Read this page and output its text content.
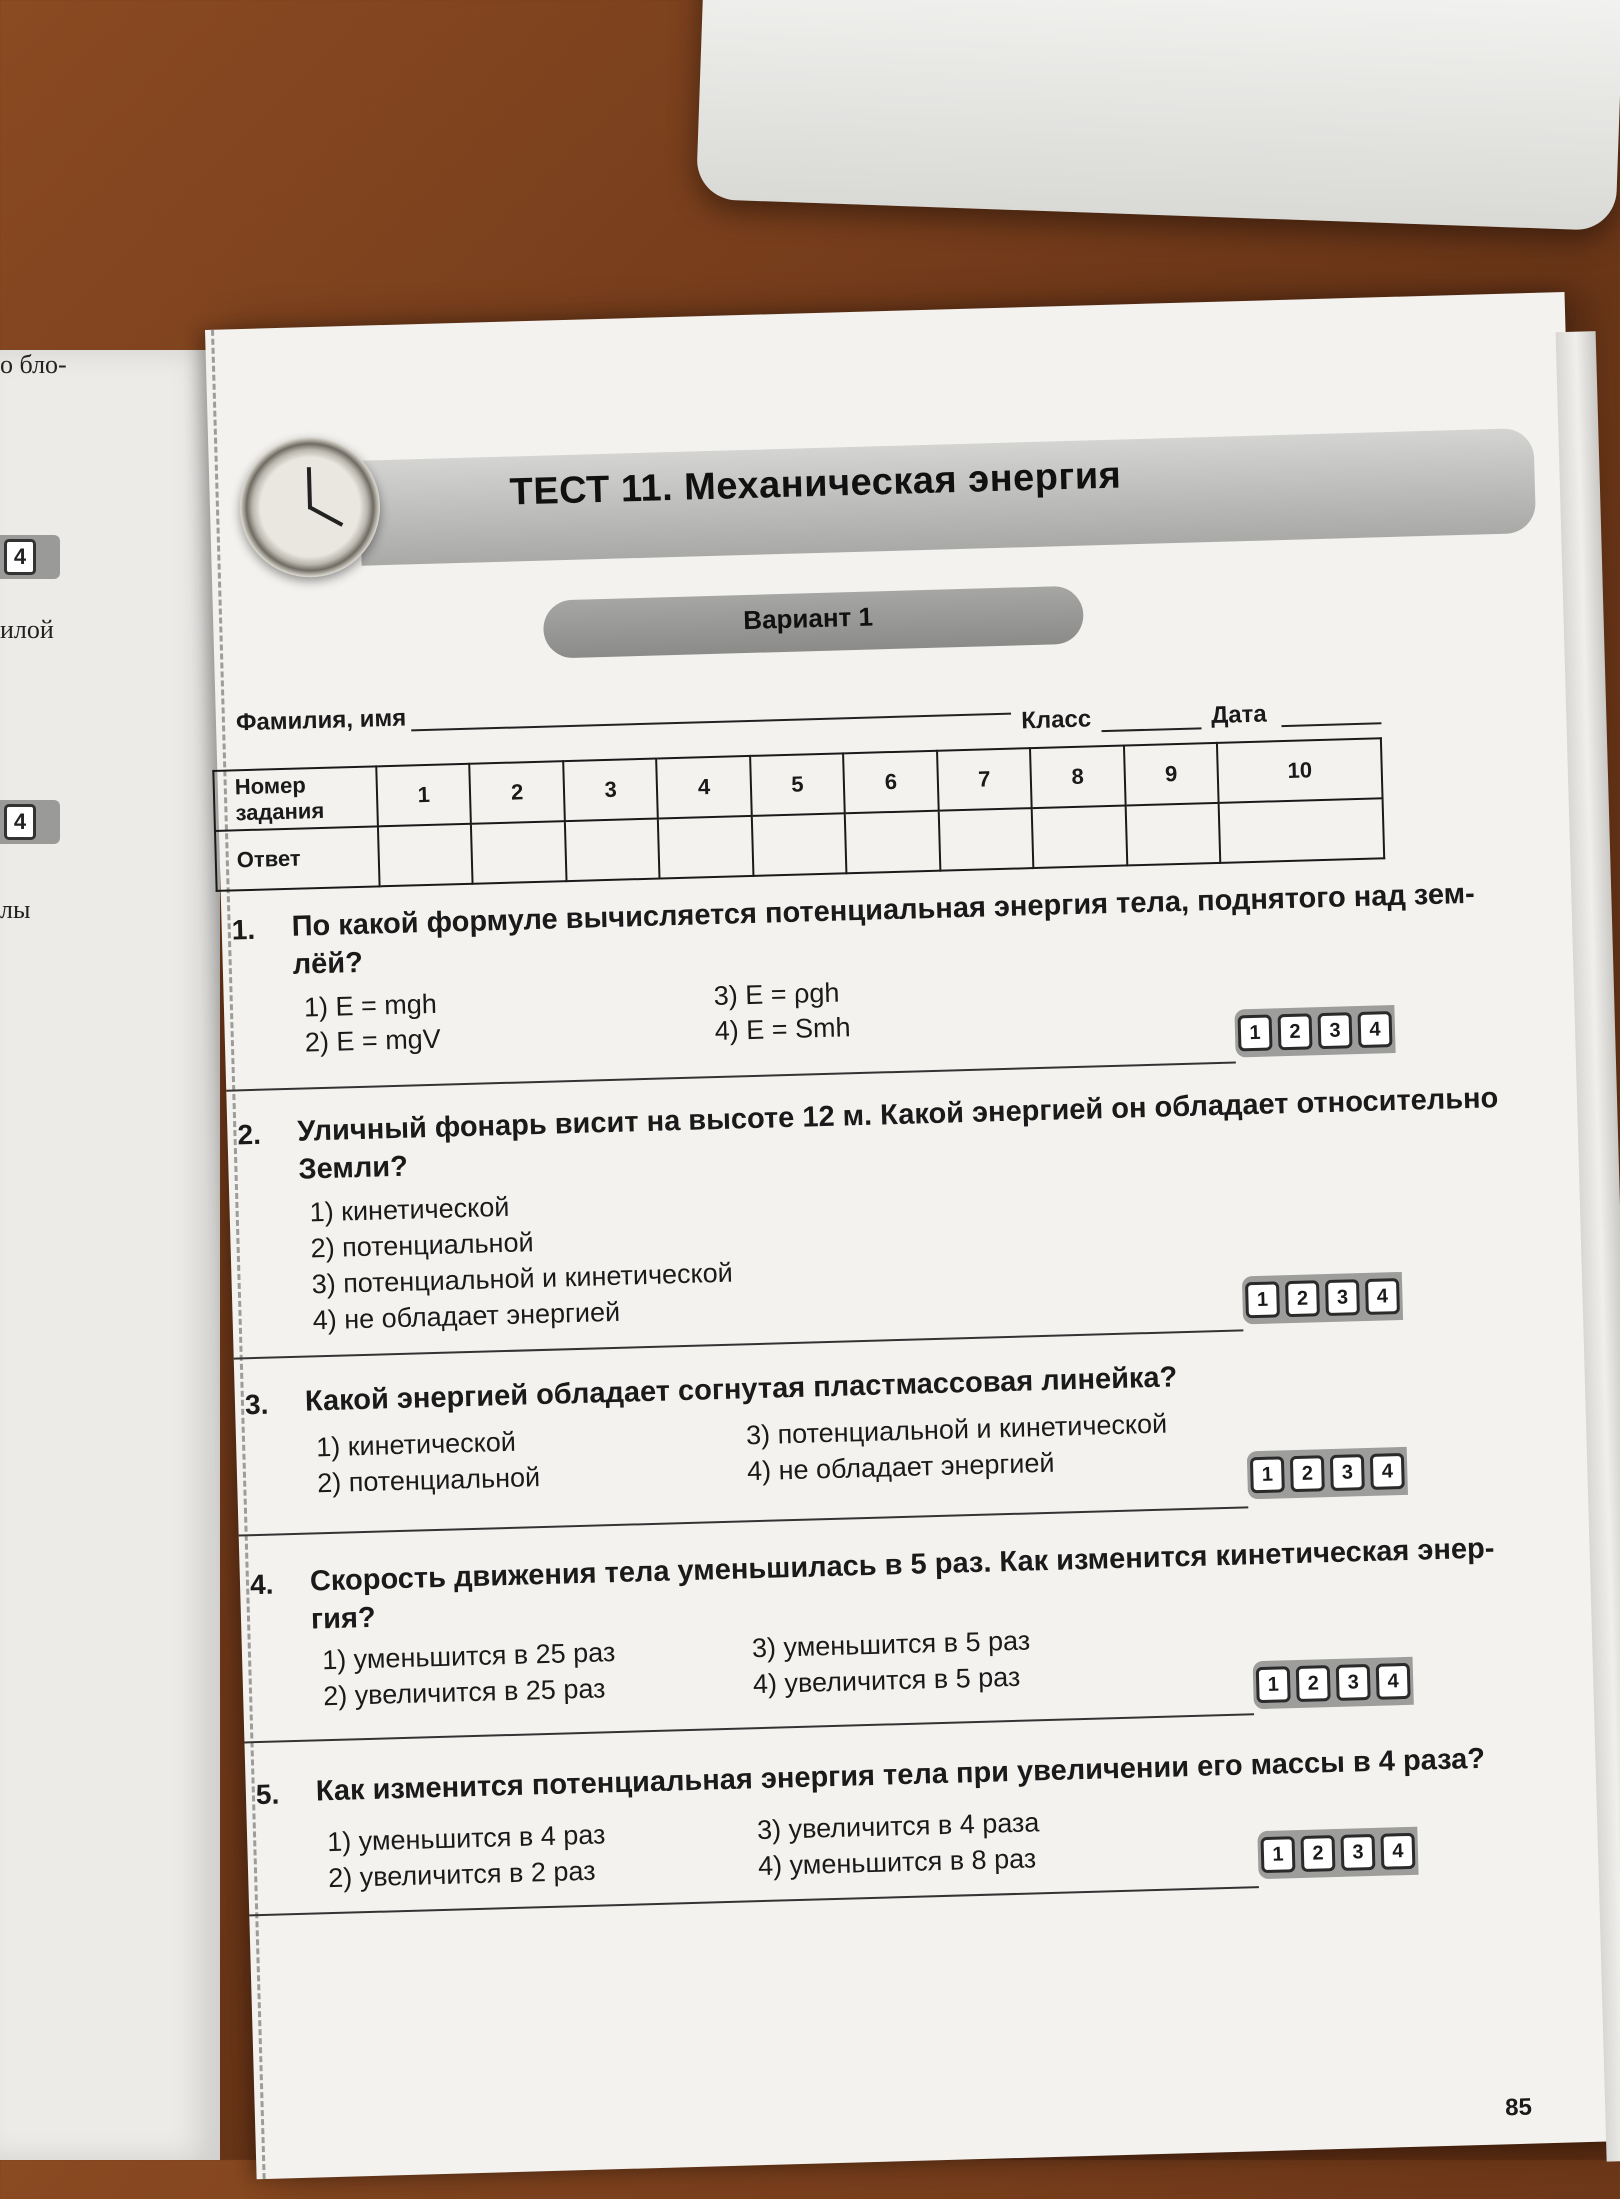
о бло-
4
илой
4
лы
ТЕСТ 11. Механическая энергия
Вариант 1
Фамилия, имя	Класс	Дата
Номер задания	1	2	3	4	5	6	7	8	9	10
Ответ										
1. По какой формуле вычисляется потенциальная энергия тела, поднятого над зем-
лёй?
1) E = mgh
2) E = mgV
3) E = ρgh
4) E = Smh	1	2	3	4
2. Уличный фонарь висит на высоте 12 м. Какой энергией он обладает относительно
Земли?
1) кинетической
2) потенциальной
3) потенциальной и кинетической
4) не обладает энергией	1	2	3	4
3. Какой энергией обладает согнутая пластмассовая линейка?
1) кинетической
2) потенциальной
3) потенциальной и кинетической
4) не обладает энергией	1	2	3	4
4. Скорость движения тела уменьшилась в 5 раз. Как изменится кинетическая энер-
гия?
1) уменьшится в 25 раз
2) увеличится в 25 раз
3) уменьшится в 5 раз
4) увеличится в 5 раз	1	2	3	4
5. Как изменится потенциальная энергия тела при увеличении его массы в 4 раза?
1) уменьшится в 4 раз
2) увеличится в 2 раз
3) увеличится в 4 раза
4) уменьшится в 8 раз	1	2	3	4
85
